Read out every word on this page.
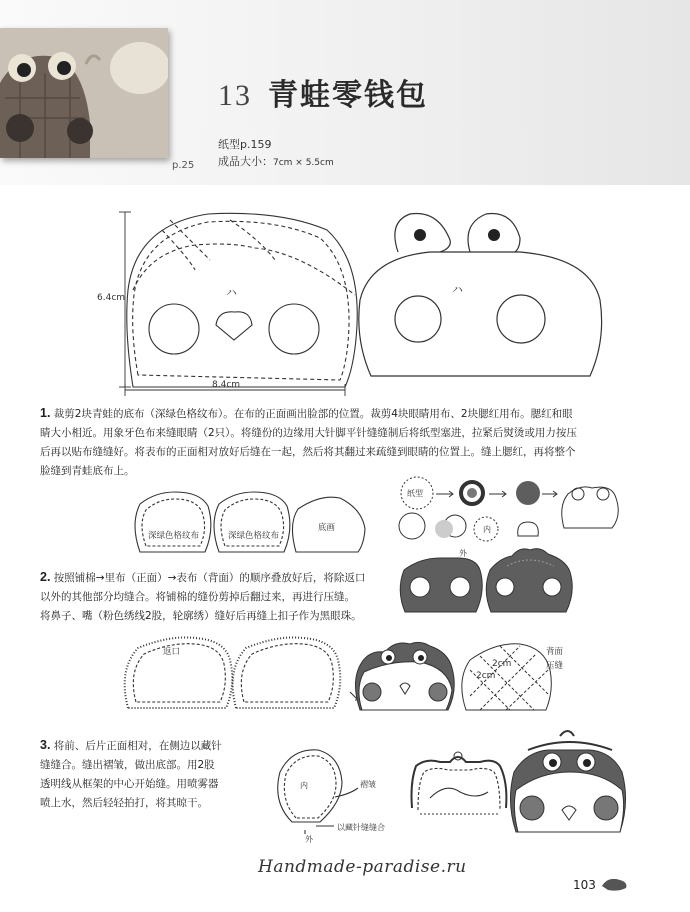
p.25
13 青蛙零钱包
纸型p.159
成品大小：7cm × 5.5cm
ハ
6.4cm
8.4cm
ハ
1. 裁剪2块青蛙的底布（深绿色格纹布）。在布的正面画出脸部的位置。裁剪4块眼睛用布、2块腮红用布。腮红和眼
睛大小相近。用象牙色布来缝眼睛（2只）。将缝份的边缘用大针脚平针缝缝制后将纸型塞进，拉紧后熨烫或用力按压
后再以贴布缝缝好。将表布的正面相对放好后缝在一起，然后将其翻过来疏缝到眼睛的位置上。缝上腮红，再将整个
脸缝到青蛙底布上。
深绿色格纹布	深绿色格纹布
底画
纸型
内
外
2. 按照铺棉→里布（正面）→表布（背面）的顺序叠放好后，将除返口
以外的其他部分均缝合。将铺棉的缝份剪掉后翻过来，再进行压缝。
将鼻子、嘴（粉色绣线2股，轮廓绣）缝好后再缝上扣子作为黑眼珠。
返口
2cm
2cm
背面
压缝
3. 将前、后片正面相对，在侧边以藏针
缝缝合。缝出褶皱，做出底部。用2股
透明线从框架的中心开始缝。用喷雾器
喷上水，然后轻轻拍打，将其晾干。
内	褶皱
以藏针缝缝合
外
Handmade-paradise.ru
103
